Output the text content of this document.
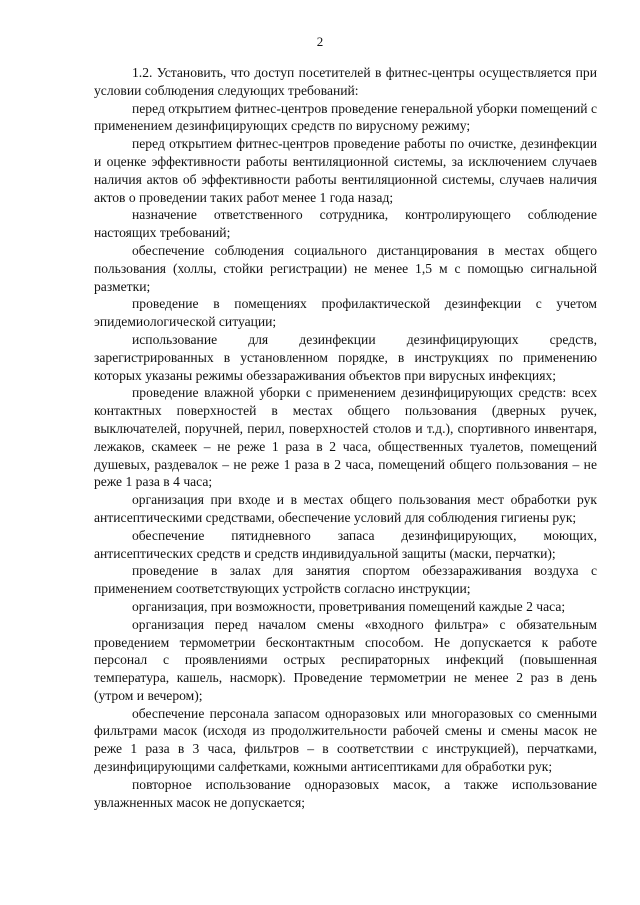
2

1.2. Установить, что доступ посетителей в фитнес-центры осуществляется при условии соблюдения следующих требований:

перед открытием фитнес-центров проведение генеральной уборки помещений с применением дезинфицирующих средств по вирусному режиму;

перед открытием фитнес-центров проведение работы по очистке, дезинфекции и оценке эффективности работы вентиляционной системы, за исключением случаев наличия актов об эффективности работы вентиляционной системы, случаев наличия актов о проведении таких работ менее 1 года назад;

назначение ответственного сотрудника, контролирующего соблюдение настоящих требований;

обеспечение соблюдения социального дистанцирования в местах общего пользования (холлы, стойки регистрации) не менее 1,5 м с помощью сигнальной разметки;

проведение в помещениях профилактической дезинфекции с учетом эпидемиологической ситуации;

использование для дезинфекции дезинфицирующих средств, зарегистрированных в установленном порядке, в инструкциях по применению которых указаны режимы обеззараживания объектов при вирусных инфекциях;

проведение влажной уборки с применением дезинфицирующих средств: всех контактных поверхностей в местах общего пользования (дверных ручек, выключателей, поручней, перил, поверхностей столов и т.д.), спортивного инвентаря, лежаков, скамеек – не реже 1 раза в 2 часа, общественных туалетов, помещений душевых, раздевалок – не реже 1 раза в 2 часа, помещений общего пользования – не реже 1 раза в 4 часа;

организация при входе и в местах общего пользования мест обработки рук антисептическими средствами, обеспечение условий для соблюдения гигиены рук;

обеспечение пятидневного запаса дезинфицирующих, моющих, антисептических средств и средств индивидуальной защиты (маски, перчатки);

проведение в залах для занятия спортом обеззараживания воздуха с применением соответствующих устройств согласно инструкции;

организация, при возможности, проветривания помещений каждые 2 часа;

организация перед началом смены «входного фильтра» с обязательным проведением термометрии бесконтактным способом. Не допускается к работе персонал с проявлениями острых респираторных инфекций (повышенная температура, кашель, насморк). Проведение термометрии не менее 2 раз в день (утром и вечером);

обеспечение персонала запасом одноразовых или многоразовых со сменными фильтрами масок (исходя из продолжительности рабочей смены и смены масок не реже 1 раза в 3 часа, фильтров – в соответствии с инструкцией), перчатками, дезинфицирующими салфетками, кожными антисептиками для обработки рук;

повторное использование одноразовых масок, а также использование увлажненных масок не допускается;
